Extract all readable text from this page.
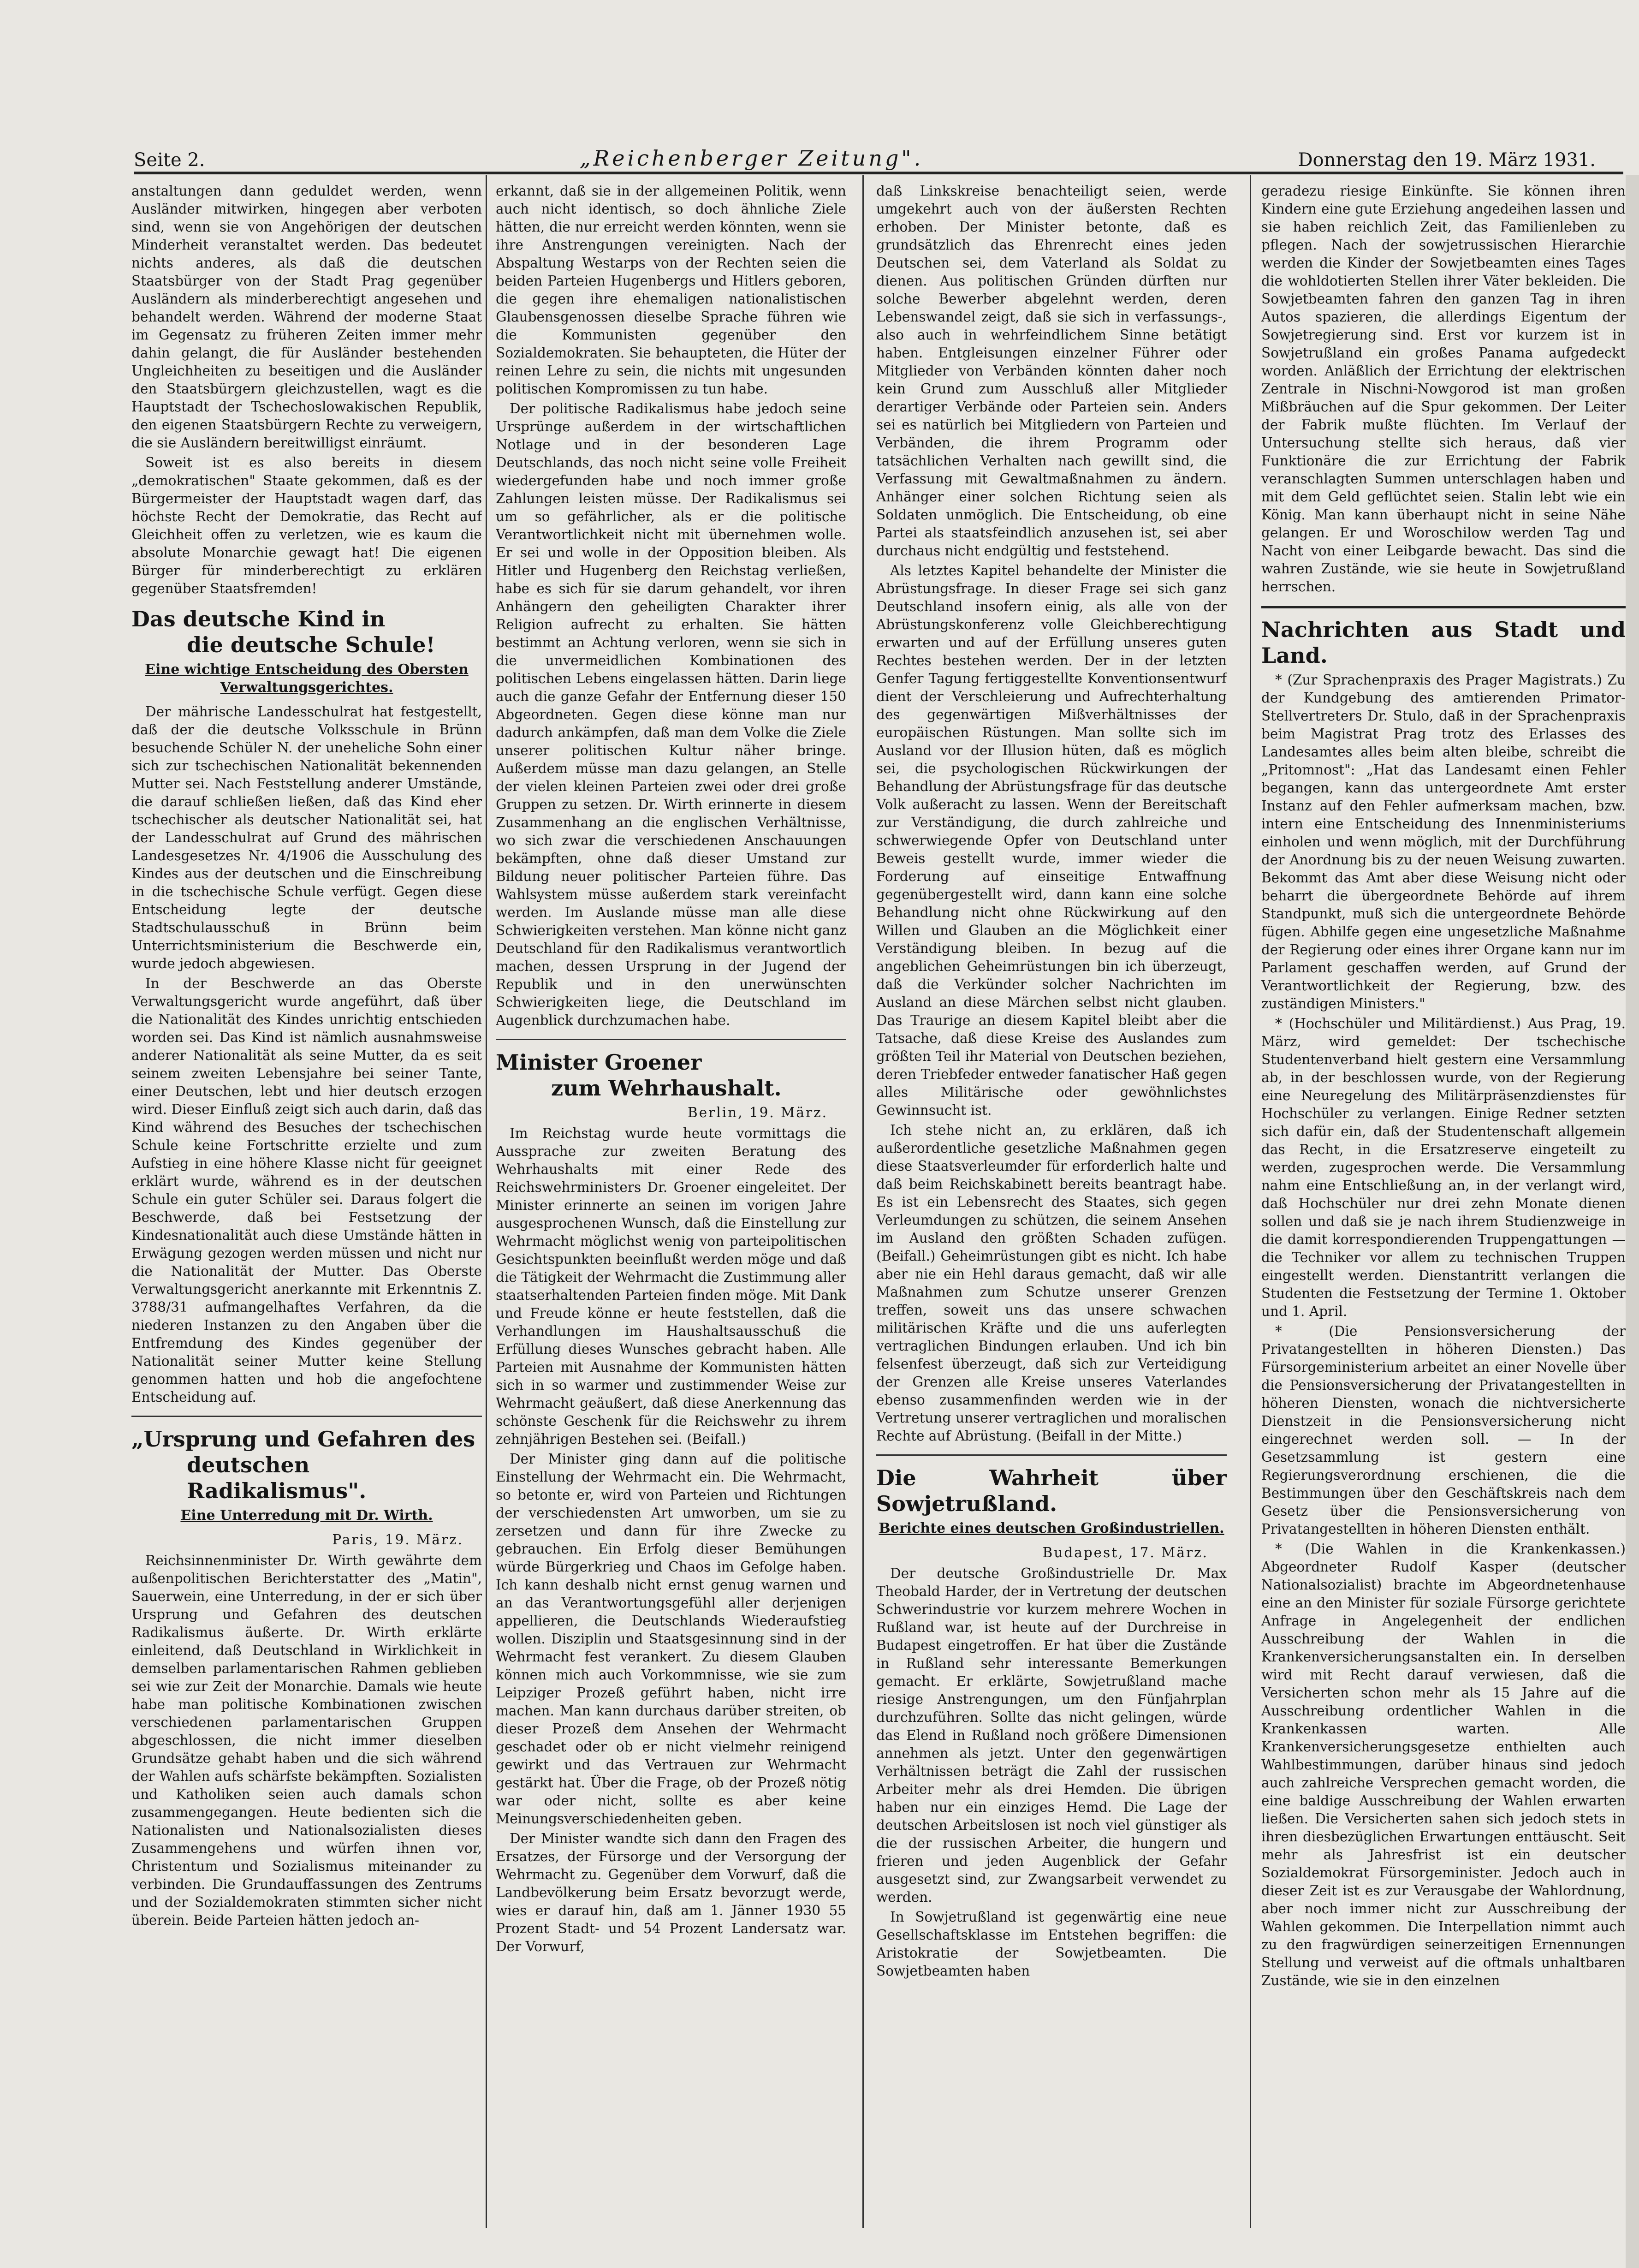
Seite 2.	„Reichenberger Zeitung".	Donnerstag den 19. März 1931.

anstaltungen dann geduldet werden, wenn Ausländer mitwirken, hingegen aber verboten sind, wenn sie von Angehörigen der deutschen Minderheit veranstaltet werden. Das bedeutet nichts anderes, als daß die deutschen Staatsbürger von der Stadt Prag gegenüber Ausländern als minderberechtigt angesehen und behandelt werden. Während der moderne Staat im Gegensatz zu früheren Zeiten immer mehr dahin gelangt, die für Ausländer bestehenden Ungleichheiten zu beseitigen und die Ausländer den Staatsbürgern gleichzustellen, wagt es die Hauptstadt der Tschechoslowakischen Republik, den eigenen Staatsbürgern Rechte zu verweigern, die sie Ausländern bereitwilligst einräumt.

Soweit ist es also bereits in diesem „demokratischen" Staate gekommen, daß es der Bürgermeister der Hauptstadt wagen darf, das höchste Recht der Demokratie, das Recht auf Gleichheit offen zu verletzen, wie es kaum die absolute Monarchie gewagt hat! Die eigenen Bürger für minderberechtigt zu erklären gegenüber Staatsfremden!

Das deutsche Kind in
die deutsche Schule!
Eine wichtige Entscheidung des Obersten Verwaltungsgerichtes.

Der mährische Landesschulrat hat festgestellt, daß der die deutsche Volksschule in Brünn besuchende Schüler N. der uneheliche Sohn einer sich zur tschechischen Nationalität bekennenden Mutter sei. Nach Feststellung anderer Umstände, die darauf schließen ließen, daß das Kind eher tschechischer als deutscher Nationalität sei, hat der Landesschulrat auf Grund des mährischen Landesgesetzes Nr. 4/1906 die Ausschulung des Kindes aus der deutschen und die Einschreibung in die tschechische Schule verfügt. Gegen diese Entscheidung legte der deutsche Stadtschulausschuß in Brünn beim Unterrichtsministerium die Beschwerde ein, wurde jedoch abgewiesen.

In der Beschwerde an das Oberste Verwaltungsgericht wurde angeführt, daß über die Nationalität des Kindes unrichtig entschieden worden sei. Das Kind ist nämlich ausnahmsweise anderer Nationalität als seine Mutter, da es seit seinem zweiten Lebensjahre bei seiner Tante, einer Deutschen, lebt und hier deutsch erzogen wird. Dieser Einfluß zeigt sich auch darin, daß das Kind während des Besuches der tschechischen Schule keine Fortschritte erzielte und zum Aufstieg in eine höhere Klasse nicht für geeignet erklärt wurde, während es in der deutschen Schule ein guter Schüler sei. Daraus folgert die Beschwerde, daß bei Festsetzung der Kindesnationalität auch diese Umstände hätten in Erwägung gezogen werden müssen und nicht nur die Nationalität der Mutter. Das Oberste Verwaltungsgericht anerkannte mit Erkenntnis Z. 3788/31 aufmangelhaftes Verfahren, da die niederen Instanzen zu den Angaben über die Entfremdung des Kindes gegenüber der Nationalität seiner Mutter keine Stellung genommen hatten und hob die angefochtene Entscheidung auf.

„Ursprung und Gefahren des
deutschen Radikalismus".
Eine Unterredung mit Dr. Wirth.
Paris, 19. März.

Reichsinnenminister Dr. Wirth gewährte dem außenpolitischen Berichterstatter des „Matin", Sauerwein, eine Unterredung, in der er sich über Ursprung und Gefahren des deutschen Radikalismus äußerte. Dr. Wirth erklärte einleitend, daß Deutschland in Wirklichkeit in demselben parlamentarischen Rahmen geblieben sei wie zur Zeit der Monarchie. Damals wie heute habe man politische Kombinationen zwischen verschiedenen parlamentarischen Gruppen abgeschlossen, die nicht immer dieselben Grundsätze gehabt haben und die sich während der Wahlen aufs schärfste bekämpften. Sozialisten und Katholiken seien auch damals schon zusammengegangen. Heute bedienten sich die Nationalisten und Nationalsozialisten dieses Zusammengehens und würfen ihnen vor, Christentum und Sozialismus miteinander zu verbinden. Die Grundauffassungen des Zentrums und der Sozialdemokraten stimmten sicher nicht überein. Beide Parteien hätten jedoch an-

erkannt, daß sie in der allgemeinen Politik, wenn auch nicht identisch, so doch ähnliche Ziele hätten, die nur erreicht werden könnten, wenn sie ihre Anstrengungen vereinigten. Nach der Abspaltung Westarps von der Rechten seien die beiden Parteien Hugenbergs und Hitlers geboren, die gegen ihre ehemaligen nationalistischen Glaubensgenossen dieselbe Sprache führen wie die Kommunisten gegenüber den Sozialdemokraten. Sie behaupteten, die Hüter der reinen Lehre zu sein, die nichts mit ungesunden politischen Kompromissen zu tun habe.

Der politische Radikalismus habe jedoch seine Ursprünge außerdem in der wirtschaftlichen Notlage und in der besonderen Lage Deutschlands, das noch nicht seine volle Freiheit wiedergefunden habe und noch immer große Zahlungen leisten müsse. Der Radikalismus sei um so gefährlicher, als er die politische Verantwortlichkeit nicht mit übernehmen wolle. Er sei und wolle in der Opposition bleiben. Als Hitler und Hugenberg den Reichstag verließen, habe es sich für sie darum gehandelt, vor ihren Anhängern den geheiligten Charakter ihrer Religion aufrecht zu erhalten. Sie hätten bestimmt an Achtung verloren, wenn sie sich in die unvermeidlichen Kombinationen des politischen Lebens eingelassen hätten. Darin liege auch die ganze Gefahr der Entfernung dieser 150 Abgeordneten. Gegen diese könne man nur dadurch ankämpfen, daß man dem Volke die Ziele unserer politischen Kultur näher bringe. Außerdem müsse man dazu gelangen, an Stelle der vielen kleinen Parteien zwei oder drei große Gruppen zu setzen. Dr. Wirth erinnerte in diesem Zusammenhang an die englischen Verhältnisse, wo sich zwar die verschiedenen Anschauungen bekämpften, ohne daß dieser Umstand zur Bildung neuer politischer Parteien führe. Das Wahlsystem müsse außerdem stark vereinfacht werden. Im Auslande müsse man alle diese Schwierigkeiten verstehen. Man könne nicht ganz Deutschland für den Radikalismus verantwortlich machen, dessen Ursprung in der Jugend der Republik und in den unerwünschten Schwierigkeiten liege, die Deutschland im Augenblick durchzumachen habe.

Minister Groener
zum Wehrhaushalt.
Berlin, 19. März.

Im Reichstag wurde heute vormittags die Aussprache zur zweiten Beratung des Wehrhaushalts mit einer Rede des Reichswehrministers Dr. Groener eingeleitet. Der Minister erinnerte an seinen im vorigen Jahre ausgesprochenen Wunsch, daß die Einstellung zur Wehrmacht möglichst wenig von parteipolitischen Gesichtspunkten beeinflußt werden möge und daß die Tätigkeit der Wehrmacht die Zustimmung aller staatserhaltenden Parteien finden möge. Mit Dank und Freude könne er heute feststellen, daß die Verhandlungen im Haushaltsausschuß die Erfüllung dieses Wunsches gebracht haben. Alle Parteien mit Ausnahme der Kommunisten hätten sich in so warmer und zustimmender Weise zur Wehrmacht geäußert, daß diese Anerkennung das schönste Geschenk für die Reichswehr zu ihrem zehnjährigen Bestehen sei. (Beifall.)

Der Minister ging dann auf die politische Einstellung der Wehrmacht ein. Die Wehrmacht, so betonte er, wird von Parteien und Richtungen der verschiedensten Art umworben, um sie zu zersetzen und dann für ihre Zwecke zu gebrauchen. Ein Erfolg dieser Bemühungen würde Bürgerkrieg und Chaos im Gefolge haben. Ich kann deshalb nicht ernst genug warnen und an das Verantwortungsgefühl aller derjenigen appellieren, die Deutschlands Wiederaufstieg wollen. Disziplin und Staatsgesinnung sind in der Wehrmacht fest verankert. Zu diesem Glauben können mich auch Vorkommnisse, wie sie zum Leipziger Prozeß geführt haben, nicht irre machen. Man kann durchaus darüber streiten, ob dieser Prozeß dem Ansehen der Wehrmacht geschadet oder ob er nicht vielmehr reinigend gewirkt und das Vertrauen zur Wehrmacht gestärkt hat. Über die Frage, ob der Prozeß nötig war oder nicht, sollte es aber keine Meinungsverschiedenheiten geben.

Der Minister wandte sich dann den Fragen des Ersatzes, der Fürsorge und der Versorgung der Wehrmacht zu. Gegenüber dem Vorwurf, daß die Landbevölkerung beim Ersatz bevorzugt werde, wies er darauf hin, daß am 1. Jänner 1930 55 Prozent Stadt- und 54 Prozent Landersatz war. Der Vorwurf,

daß Linkskreise benachteiligt seien, werde umgekehrt auch von der äußersten Rechten erhoben. Der Minister betonte, daß es grundsätzlich das Ehrenrecht eines jeden Deutschen sei, dem Vaterland als Soldat zu dienen. Aus politischen Gründen dürften nur solche Bewerber abgelehnt werden, deren Lebenswandel zeigt, daß sie sich in verfassungs-, also auch in wehrfeindlichem Sinne betätigt haben. Entgleisungen einzelner Führer oder Mitglieder von Verbänden könnten daher noch kein Grund zum Ausschluß aller Mitglieder derartiger Verbände oder Parteien sein. Anders sei es natürlich bei Mitgliedern von Parteien und Verbänden, die ihrem Programm oder tatsächlichen Verhalten nach gewillt sind, die Verfassung mit Gewaltmaßnahmen zu ändern. Anhänger einer solchen Richtung seien als Soldaten unmöglich. Die Entscheidung, ob eine Partei als staatsfeindlich anzusehen ist, sei aber durchaus nicht endgültig und feststehend.

Als letztes Kapitel behandelte der Minister die Abrüstungsfrage. In dieser Frage sei sich ganz Deutschland insofern einig, als alle von der Abrüstungskonferenz volle Gleichberechtigung erwarten und auf der Erfüllung unseres guten Rechtes bestehen werden. Der in der letzten Genfer Tagung fertiggestellte Konventionsentwurf dient der Verschleierung und Aufrechterhaltung des gegenwärtigen Mißverhältnisses der europäischen Rüstungen. Man sollte sich im Ausland vor der Illusion hüten, daß es möglich sei, die psychologischen Rückwirkungen der Behandlung der Abrüstungsfrage für das deutsche Volk außeracht zu lassen. Wenn der Bereitschaft zur Verständigung, die durch zahlreiche und schwerwiegende Opfer von Deutschland unter Beweis gestellt wurde, immer wieder die Forderung auf einseitige Entwaffnung gegenübergestellt wird, dann kann eine solche Behandlung nicht ohne Rückwirkung auf den Willen und Glauben an die Möglichkeit einer Verständigung bleiben. In bezug auf die angeblichen Geheimrüstungen bin ich überzeugt, daß die Verkünder solcher Nachrichten im Ausland an diese Märchen selbst nicht glauben. Das Traurige an diesem Kapitel bleibt aber die Tatsache, daß diese Kreise des Auslandes zum größten Teil ihr Material von Deutschen beziehen, deren Triebfeder entweder fanatischer Haß gegen alles Militärische oder gewöhnlichstes Gewinnsucht ist.

Ich stehe nicht an, zu erklären, daß ich außerordentliche gesetzliche Maßnahmen gegen diese Staatsverleumder für erforderlich halte und daß beim Reichskabinett bereits beantragt habe. Es ist ein Lebensrecht des Staates, sich gegen Verleumdungen zu schützen, die seinem Ansehen im Ausland den größten Schaden zufügen. (Beifall.) Geheimrüstungen gibt es nicht. Ich habe aber nie ein Hehl daraus gemacht, daß wir alle Maßnahmen zum Schutze unserer Grenzen treffen, soweit uns das unsere schwachen militärischen Kräfte und die uns auferlegten vertraglichen Bindungen erlauben. Und ich bin felsenfest überzeugt, daß sich zur Verteidigung der Grenzen alle Kreise unseres Vaterlandes ebenso zusammenfinden werden wie in der Vertretung unserer vertraglichen und moralischen Rechte auf Abrüstung. (Beifall in der Mitte.)

Die Wahrheit über Sowjetrußland.
Berichte eines deutschen Großindustriellen.
Budapest, 17. März.

Der deutsche Großindustrielle Dr. Max Theobald Harder, der in Vertretung der deutschen Schwerindustrie vor kurzem mehrere Wochen in Rußland war, ist heute auf der Durchreise in Budapest eingetroffen. Er hat über die Zustände in Rußland sehr interessante Bemerkungen gemacht. Er erklärte, Sowjetrußland mache riesige Anstrengungen, um den Fünfjahrplan durchzuführen. Sollte das nicht gelingen, würde das Elend in Rußland noch größere Dimensionen annehmen als jetzt. Unter den gegenwärtigen Verhältnissen beträgt die Zahl der russischen Arbeiter mehr als drei Hemden. Die übrigen haben nur ein einziges Hemd. Die Lage der deutschen Arbeitslosen ist noch viel günstiger als die der russischen Arbeiter, die hungern und frieren und jeden Augenblick der Gefahr ausgesetzt sind, zur Zwangsarbeit verwendet zu werden.

In Sowjetrußland ist gegenwärtig eine neue Gesellschaftsklasse im Entstehen begriffen: die Aristokratie der Sowjetbeamten. Die Sowjetbeamten haben

geradezu riesige Einkünfte. Sie können ihren Kindern eine gute Erziehung angedeihen lassen und sie haben reichlich Zeit, das Familienleben zu pflegen. Nach der sowjetrussischen Hierarchie werden die Kinder der Sowjetbeamten eines Tages die wohldotierten Stellen ihrer Väter bekleiden. Die Sowjetbeamten fahren den ganzen Tag in ihren Autos spazieren, die allerdings Eigentum der Sowjetregierung sind. Erst vor kurzem ist in Sowjetrußland ein großes Panama aufgedeckt worden. Anläßlich der Errichtung der elektrischen Zentrale in Nischni-Nowgorod ist man großen Mißbräuchen auf die Spur gekommen. Der Leiter der Fabrik mußte flüchten. Im Verlauf der Untersuchung stellte sich heraus, daß vier Funktionäre die zur Errichtung der Fabrik veranschlagten Summen unterschlagen haben und mit dem Geld geflüchtet seien. Stalin lebt wie ein König. Man kann überhaupt nicht in seine Nähe gelangen. Er und Woroschilow werden Tag und Nacht von einer Leibgarde bewacht. Das sind die wahren Zustände, wie sie heute in Sowjetrußland herrschen.

Nachrichten aus Stadt und Land.

* (Zur Sprachenpraxis des Prager Magistrats.) Zu der Kundgebung des amtierenden Primator-Stellvertreters Dr. Stulo, daß in der Sprachenpraxis beim Magistrat Prag trotz des Erlasses des Landesamtes alles beim alten bleibe, schreibt die „Pritomnost": „Hat das Landesamt einen Fehler begangen, kann das untergeordnete Amt erster Instanz auf den Fehler aufmerksam machen, bzw. intern eine Entscheidung des Innenministeriums einholen und wenn möglich, mit der Durchführung der Anordnung bis zu der neuen Weisung zuwarten. Bekommt das Amt aber diese Weisung nicht oder beharrt die übergeordnete Behörde auf ihrem Standpunkt, muß sich die untergeordnete Behörde fügen. Abhilfe gegen eine ungesetzliche Maßnahme der Regierung oder eines ihrer Organe kann nur im Parlament geschaffen werden, auf Grund der Verantwortlichkeit der Regierung, bzw. des zuständigen Ministers."

* (Hochschüler und Militärdienst.) Aus Prag, 19. März, wird gemeldet: Der tschechische Studentenverband hielt gestern eine Versammlung ab, in der beschlossen wurde, von der Regierung eine Neuregelung des Militärpräsenzdienstes für Hochschüler zu verlangen. Einige Redner setzten sich dafür ein, daß der Studentenschaft allgemein das Recht, in die Ersatzreserve eingeteilt zu werden, zugesprochen werde. Die Versammlung nahm eine Entschließung an, in der verlangt wird, daß Hochschüler nur drei zehn Monate dienen sollen und daß sie je nach ihrem Studienzweige in die damit korrespondierenden Truppengattungen — die Techniker vor allem zu technischen Truppen eingestellt werden. Dienstantritt verlangen die Studenten die Festsetzung der Termine 1. Oktober und 1. April.

* (Die Pensionsversicherung der Privatangestellten in höheren Diensten.) Das Fürsorgeministerium arbeitet an einer Novelle über die Pensionsversicherung der Privatangestellten in höheren Diensten, wonach die nichtversicherte Dienstzeit in die Pensionsversicherung nicht eingerechnet werden soll. — In der Gesetzsammlung ist gestern eine Regierungsverordnung erschienen, die die Bestimmungen über den Geschäftskreis nach dem Gesetz über die Pensionsversicherung von Privatangestellten in höheren Diensten enthält.

* (Die Wahlen in die Krankenkassen.) Abgeordneter Rudolf Kasper (deutscher Nationalsozialist) brachte im Abgeordnetenhause eine an den Minister für soziale Fürsorge gerichtete Anfrage in Angelegenheit der endlichen Ausschreibung der Wahlen in die Krankenversicherungsanstalten ein. In derselben wird mit Recht darauf verwiesen, daß die Versicherten schon mehr als 15 Jahre auf die Ausschreibung ordentlicher Wahlen in die Krankenkassen warten. Alle Krankenversicherungsgesetze enthielten auch Wahlbestimmungen, darüber hinaus sind jedoch auch zahlreiche Versprechen gemacht worden, die eine baldige Ausschreibung der Wahlen erwarten ließen. Die Versicherten sahen sich jedoch stets in ihren diesbezüglichen Erwartungen enttäuscht. Seit mehr als Jahresfrist ist ein deutscher Sozialdemokrat Fürsorgeminister. Jedoch auch in dieser Zeit ist es zur Verausgabe der Wahlordnung, aber noch immer nicht zur Ausschreibung der Wahlen gekommen. Die Interpellation nimmt auch zu den fragwürdigen seinerzeitigen Ernennungen Stellung und verweist auf die oftmals unhaltbaren Zustände, wie sie in den einzelnen
